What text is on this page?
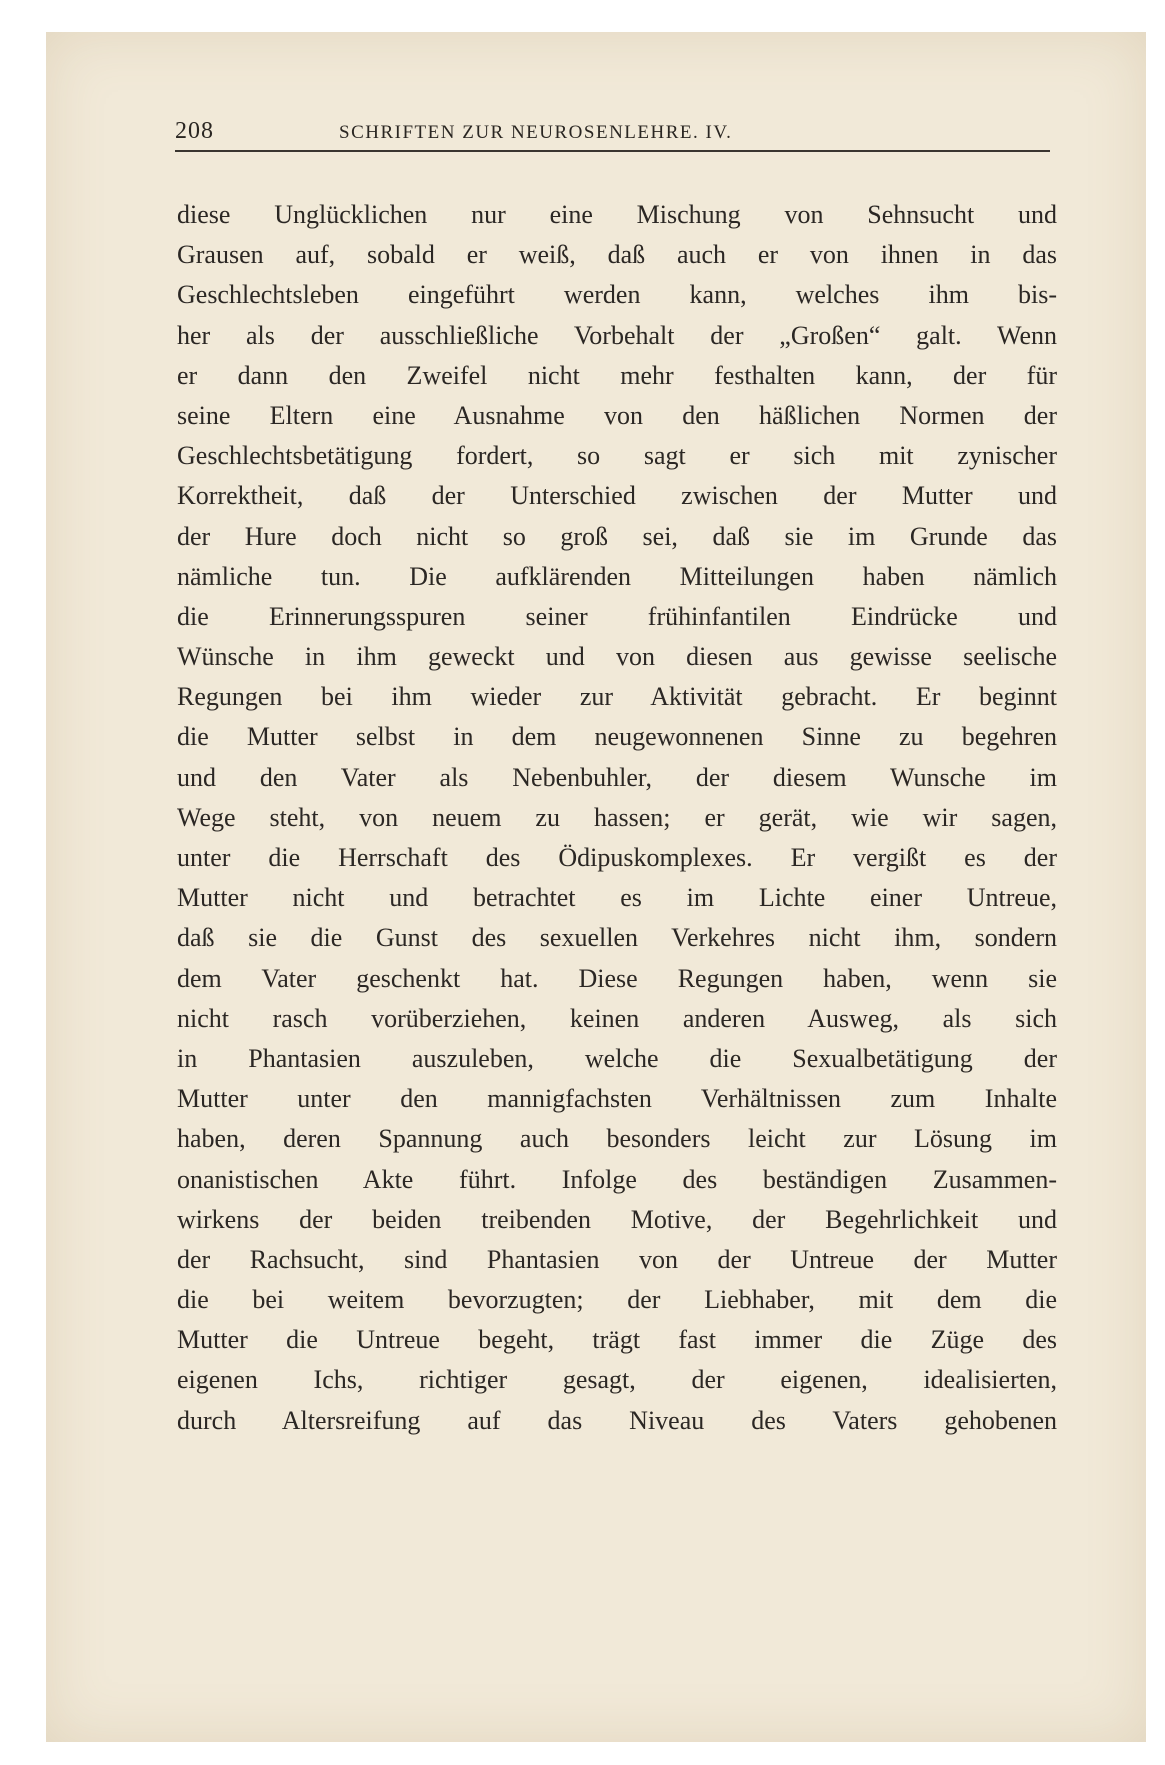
208	SCHRIFTEN ZUR NEUROSENLEHRE. IV.
diese Unglücklichen nur eine Mischung von Sehnsucht und
Grausen auf, sobald er weiß, daß auch er von ihnen in das
Geschlechtsleben eingeführt werden kann, welches ihm bis-
her als der ausschließliche Vorbehalt der „Großen“ galt. Wenn
er dann den Zweifel nicht mehr festhalten kann, der für
seine Eltern eine Ausnahme von den häßlichen Normen der
Geschlechtsbetätigung fordert, so sagt er sich mit zynischer
Korrektheit, daß der Unterschied zwischen der Mutter und
der Hure doch nicht so groß sei, daß sie im Grunde das
nämliche tun. Die aufklärenden Mitteilungen haben nämlich
die Erinnerungsspuren seiner frühinfantilen Eindrücke und
Wünsche in ihm geweckt und von diesen aus gewisse seelische
Regungen bei ihm wieder zur Aktivität gebracht. Er beginnt
die Mutter selbst in dem neugewonnenen Sinne zu begehren
und den Vater als Nebenbuhler, der diesem Wunsche im
Wege steht, von neuem zu hassen; er gerät, wie wir sagen,
unter die Herrschaft des Ödipuskomplexes. Er vergißt es der
Mutter nicht und betrachtet es im Lichte einer Untreue,
daß sie die Gunst des sexuellen Verkehres nicht ihm, sondern
dem Vater geschenkt hat. Diese Regungen haben, wenn sie
nicht rasch vorüberziehen, keinen anderen Ausweg, als sich
in Phantasien auszuleben, welche die Sexualbetätigung der
Mutter unter den mannigfachsten Verhältnissen zum Inhalte
haben, deren Spannung auch besonders leicht zur Lösung im
onanistischen Akte führt. Infolge des beständigen Zusammen-
wirkens der beiden treibenden Motive, der Begehrlichkeit und
der Rachsucht, sind Phantasien von der Untreue der Mutter
die bei weitem bevorzugten; der Liebhaber, mit dem die
Mutter die Untreue begeht, trägt fast immer die Züge des
eigenen Ichs, richtiger gesagt, der eigenen, idealisierten,
durch Altersreifung auf das Niveau des Vaters gehobenen
